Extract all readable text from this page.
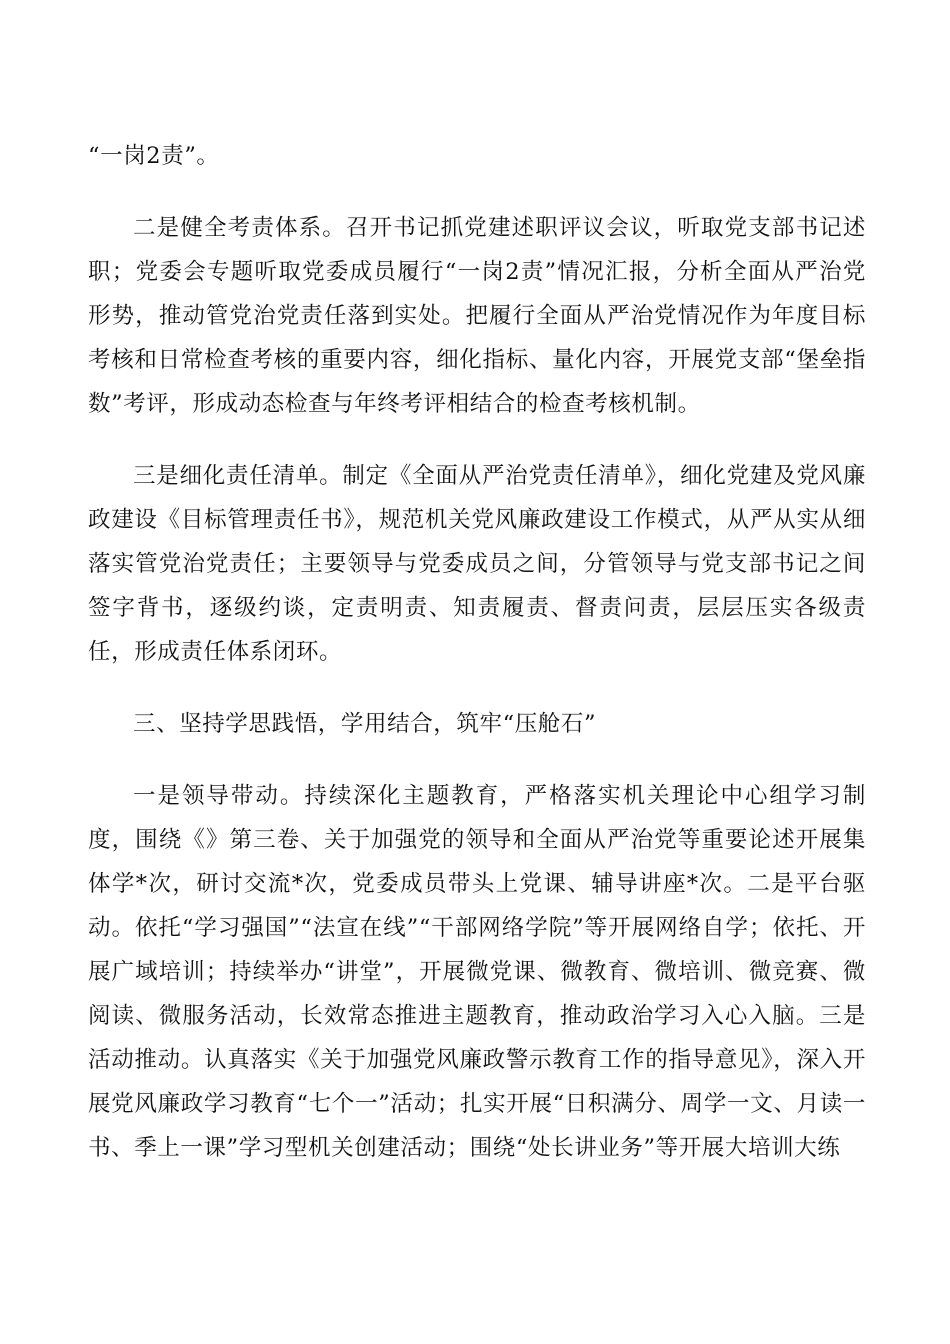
“一岗2责”。

二是健全考责体系。召开书记抓党建述职评议会议，听取党支部书记述职；党委会专题听取党委成员履行“一岗2责”情况汇报，分析全面从严治党形势，推动管党治党责任落到实处。把履行全面从严治党情况作为年度目标考核和日常检查考核的重要内容，细化指标、量化内容，开展党支部“堡垒指数”考评，形成动态检查与年终考评相结合的检查考核机制。

三是细化责任清单。制定《全面从严治党责任清单》，细化党建及党风廉政建设《目标管理责任书》，规范机关党风廉政建设工作模式，从严从实从细落实管党治党责任；主要领导与党委成员之间，分管领导与党支部书记之间签字背书，逐级约谈，定责明责、知责履责、督责问责，层层压实各级责任，形成责任体系闭环。

三、坚持学思践悟，学用结合，筑牢“压舱石”

一是领导带动。持续深化主题教育，严格落实机关理论中心组学习制度，围绕《》第三卷、关于加强党的领导和全面从严治党等重要论述开展集体学*次，研讨交流*次，党委成员带头上党课、辅导讲座*次。二是平台驱动。依托“学习强国”“法宣在线”“干部网络学院”等开展网络自学；依托、开展广域培训；持续举办“讲堂”，开展微党课、微教育、微培训、微竞赛、微阅读、微服务活动，长效常态推进主题教育，推动政治学习入心入脑。三是活动推动。认真落实《关于加强党风廉政警示教育工作的指导意见》，深入开展党风廉政学习教育“七个一”活动；扎实开展“日积满分、周学一文、月读一书、季上一课”学习型机关创建活动；围绕“处长讲业务”等开展大培训大练
